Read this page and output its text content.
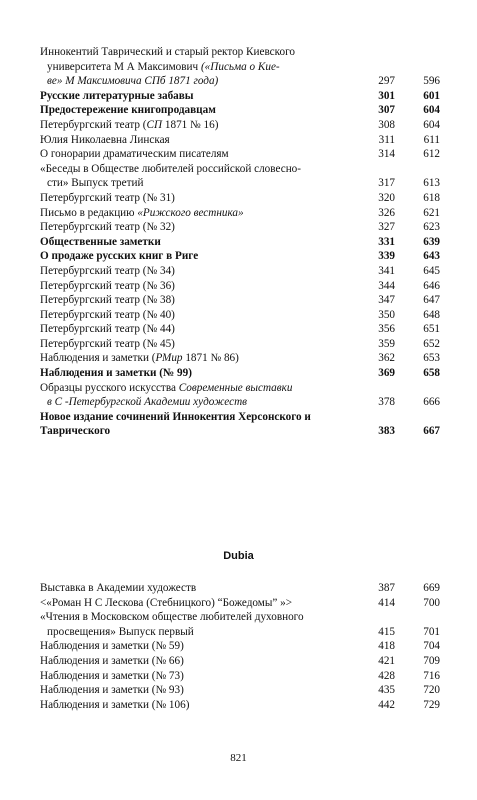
Иннокентий Таврический и старый ректор Киевского
университета М А Максимович («Письма о Кие-
ве» М Максимовича СПб 1871 года)	297	596
Русские литературные забавы	301	601
Предостережение книгопродавцам	307	604
Петербургский театр (СП 1871 № 16)	308	604
Юлия Николаевна Линская	311	611
О гонорарии драматическим писателям	314	612
«Беседы в Обществе любителей российской словесно-
сти» Выпуск третий	317	613
Петербургский театр (№ 31)	320	618
Письмо в редакцию «Рижского вестника»	326	621
Петербургский театр (№ 32)	327	623
Общественные заметки	331	639
О продаже русских книг в Риге	339	643
Петербургский театр (№ 34)	341	645
Петербургский театр (№ 36)	344	646
Петербургский театр (№ 38)	347	647
Петербургский театр (№ 40)	350	648
Петербургский театр (№ 44)	356	651
Петербургский театр (№ 45)	359	652
Наблюдения и заметки (РМир 1871 № 86)	362	653
Наблюдения и заметки (№ 99)	369	658
Образцы русского искусства Современные выставки
в С -Петербургской Академии художеств	378	666
Новое издание сочинений Иннокентия Херсонского и
Таврического	383	667
Dubia
Выставка в Академии художеств	387	669
<«Роман Н С Лескова (Стебницкого) “Божедомы” »>	414	700
«Чтения в Московском обществе любителей духовного
просвещения» Выпуск первый	415	701
Наблюдения и заметки (№ 59)	418	704
Наблюдения и заметки (№ 66)	421	709
Наблюдения и заметки (№ 73)	428	716
Наблюдения и заметки (№ 93)	435	720
Наблюдения и заметки (№ 106)	442	729
821
